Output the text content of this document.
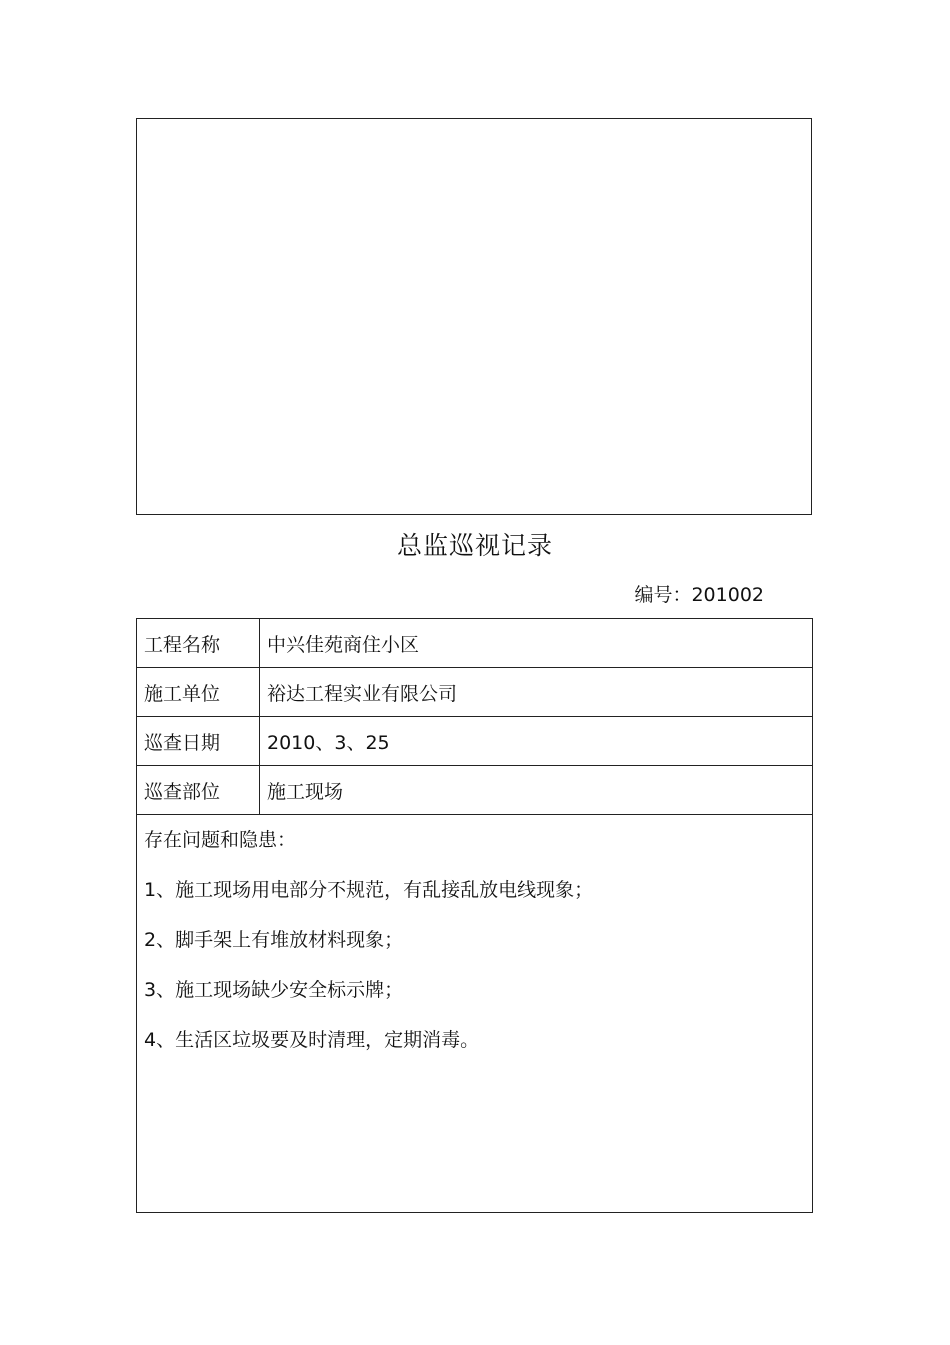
总监巡视记录
编号：201002
工程名称	中兴佳苑商住小区
施工单位	裕达工程实业有限公司
巡查日期	2010、3、25
巡查部位	施工现场

存在问题和隐患：
1、施工现场用电部分不规范，有乱接乱放电线现象；
2、脚手架上有堆放材料现象；
3、施工现场缺少安全标示牌；
4、生活区垃圾要及时清理，定期消毒。	
